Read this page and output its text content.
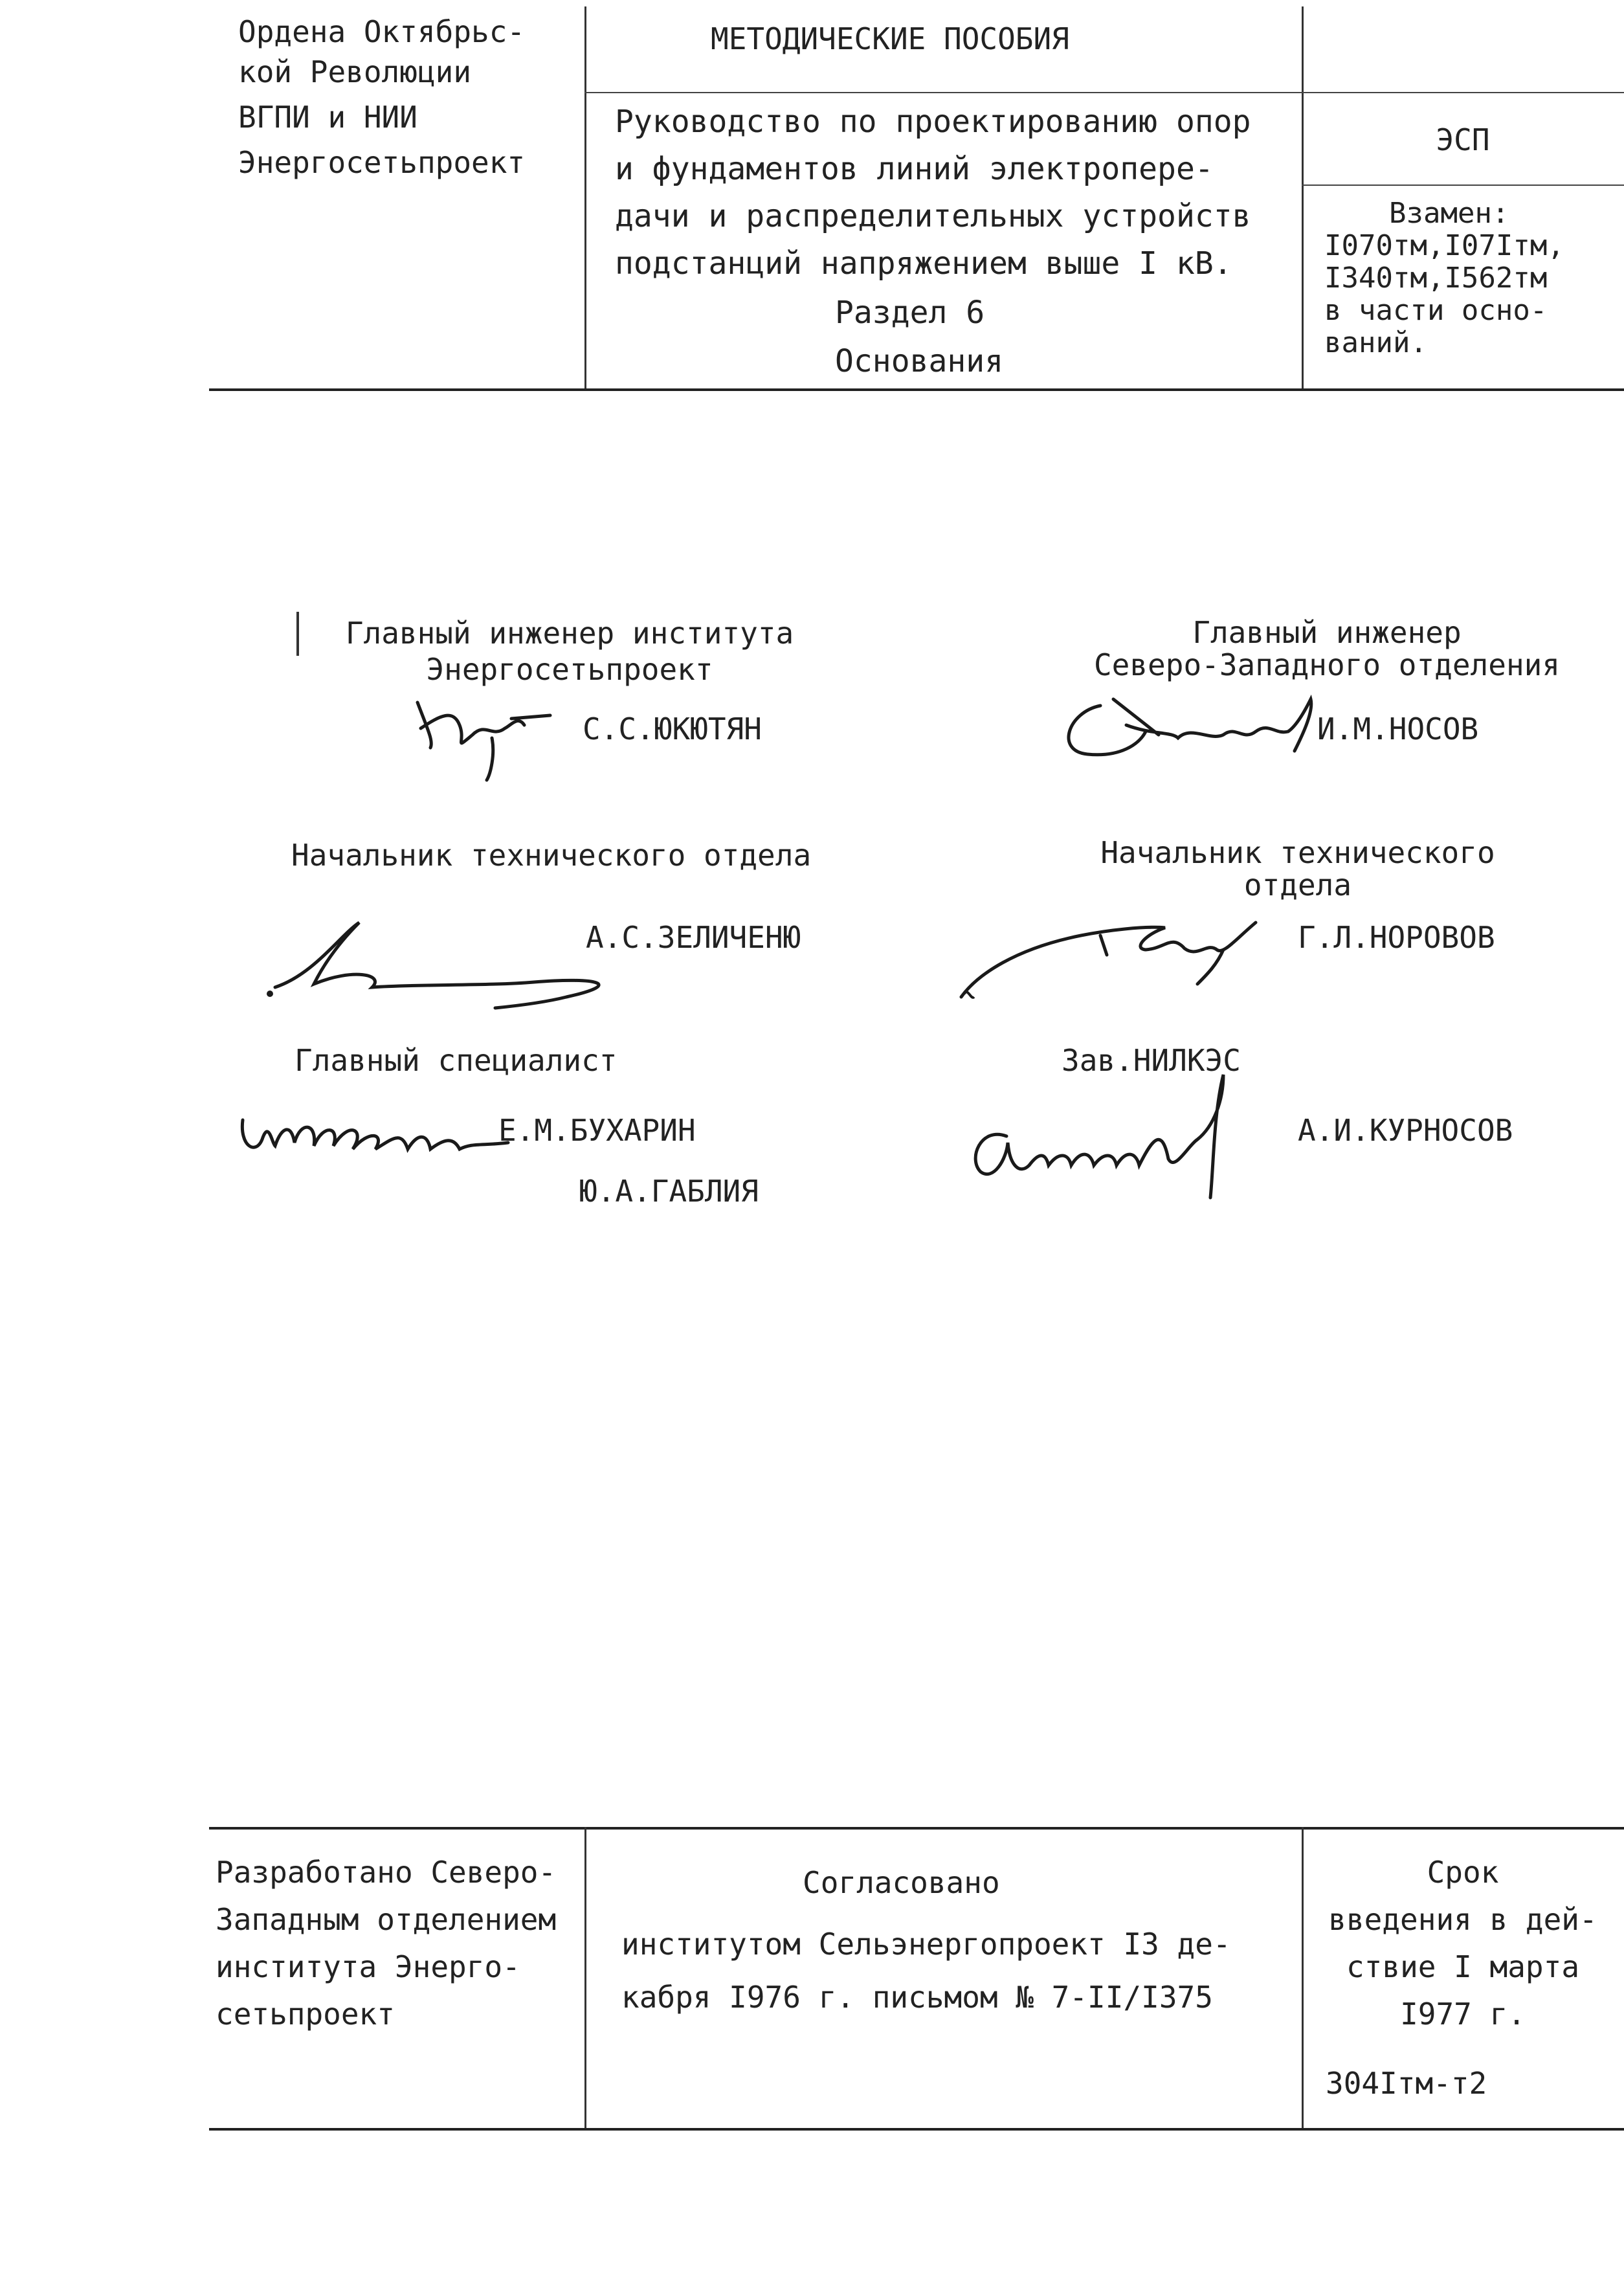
Ордена Октябрьс-
кой Революции
ВГПИ и НИИ
Энергосетьпроект
МЕТОДИЧЕСКИЕ ПОСОБИЯ
Руководство по проектированию опор
и фундаментов линий электропере-
дачи и распределительных устройств
подстанций напряжением выше I кВ.
Раздел 6
Основания
ЭСП
Взамен:
I070тм,I07Iтм,
I340тм,I562тм
в части осно-
ваний.
Главный инженер института
Энергосетьпроект
С.С.ЮКЮТЯН
Начальник технического отдела
А.С.ЗЕЛИЧЕНЮ
Главный специалист
Е.М.БУХАРИН
Ю.А.ГАБЛИЯ
Главный инженер
Северо-Западного отделения
И.М.НОСОВ
Начальник технического
отдела
Г.Л.НОРОВОВ
Зав.НИЛКЭС
А.И.КУРНОСОВ
Разработано Северо-
Западным отделением
института Энерго-
сетьпроект
Согласовано
институтом Сельэнергопроект I3 де-
кабря I976 г. письмом № 7-II/I375
Срок
введения в дей-
ствие I марта
I977 г.
304Iтм-т2
